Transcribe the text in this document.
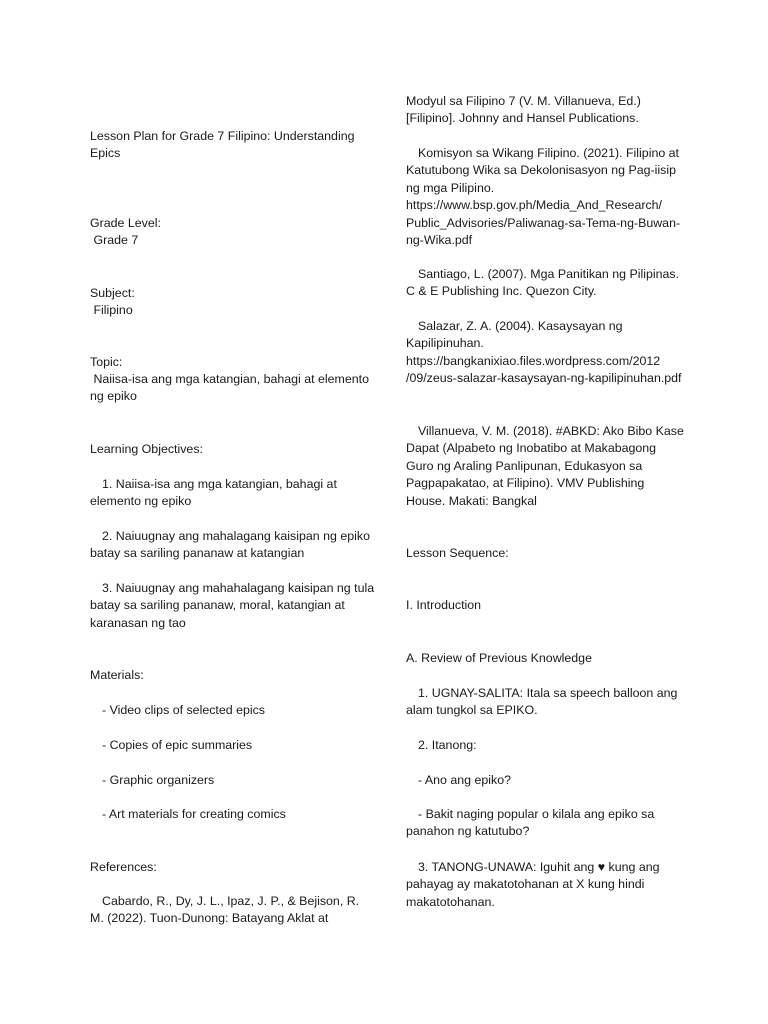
Lesson Plan for Grade 7 Filipino: Understanding Epics

Grade Level:

Grade 7

Subject:

Filipino

Topic:

Naiisa-isa ang mga katangian, bahagi at elemento ng epiko

Learning Objectives:

1. Naiisa-isa ang mga katangian, bahagi at elemento ng epiko

2. Naiuugnay ang mahalagang kaisipan ng epiko batay sa sariling pananaw at katangian

3. Naiuugnay ang mahahalagang kaisipan ng tula batay sa sariling pananaw, moral, katangian at karanasan ng tao

Materials:

- Video clips of selected epics

- Copies of epic summaries

- Graphic organizers

- Art materials for creating comics

References:

Cabardo, R., Dy, J. L., Ipaz, J. P., & Bejison, R. M. (2022). Tuon-Dunong: Batayang Aklat at

Modyul sa Filipino 7 (V. M. Villanueva, Ed.) [Filipino]. Johnny and Hansel Publications.

Komisyon sa Wikang Filipino. (2021). Filipino at Katutubong Wika sa Dekolonisasyon ng Pag-iisip ng mga Pilipino. https://www.bsp.gov.ph/Media_And_Research/ Public_Advisories/Paliwanag-sa-Tema-ng-Buwan-ng-Wika.pdf

Santiago, L. (2007). Mga Panitikan ng Pilipinas. C & E Publishing Inc. Quezon City.

Salazar, Z. A. (2004). Kasaysayan ng Kapilipinuhan. https://bangkanixiao.files.wordpress.com/2012 /09/zeus-salazar-kasaysayan-ng-kapilipinuhan.pdf

Villanueva, V. M. (2018). #ABKD: Ako Bibo Kase Dapat (Alpabeto ng Inobatibo at Makabagong Guro ng Araling Panlipunan, Edukasyon sa Pagpapakatao, at Filipino). VMV Publishing House. Makati: Bangkal

Lesson Sequence:

I. Introduction

A. Review of Previous Knowledge

1. UGNAY-SALITA: Itala sa speech balloon ang alam tungkol sa EPIKO.

2. Itanong:

- Ano ang epiko?

- Bakit naging popular o kilala ang epiko sa panahon ng katutubo?

3. TANONG-UNAWA: Iguhit ang ♥ kung ang pahayag ay makatotohanan at X kung hindi makatotohanan.
